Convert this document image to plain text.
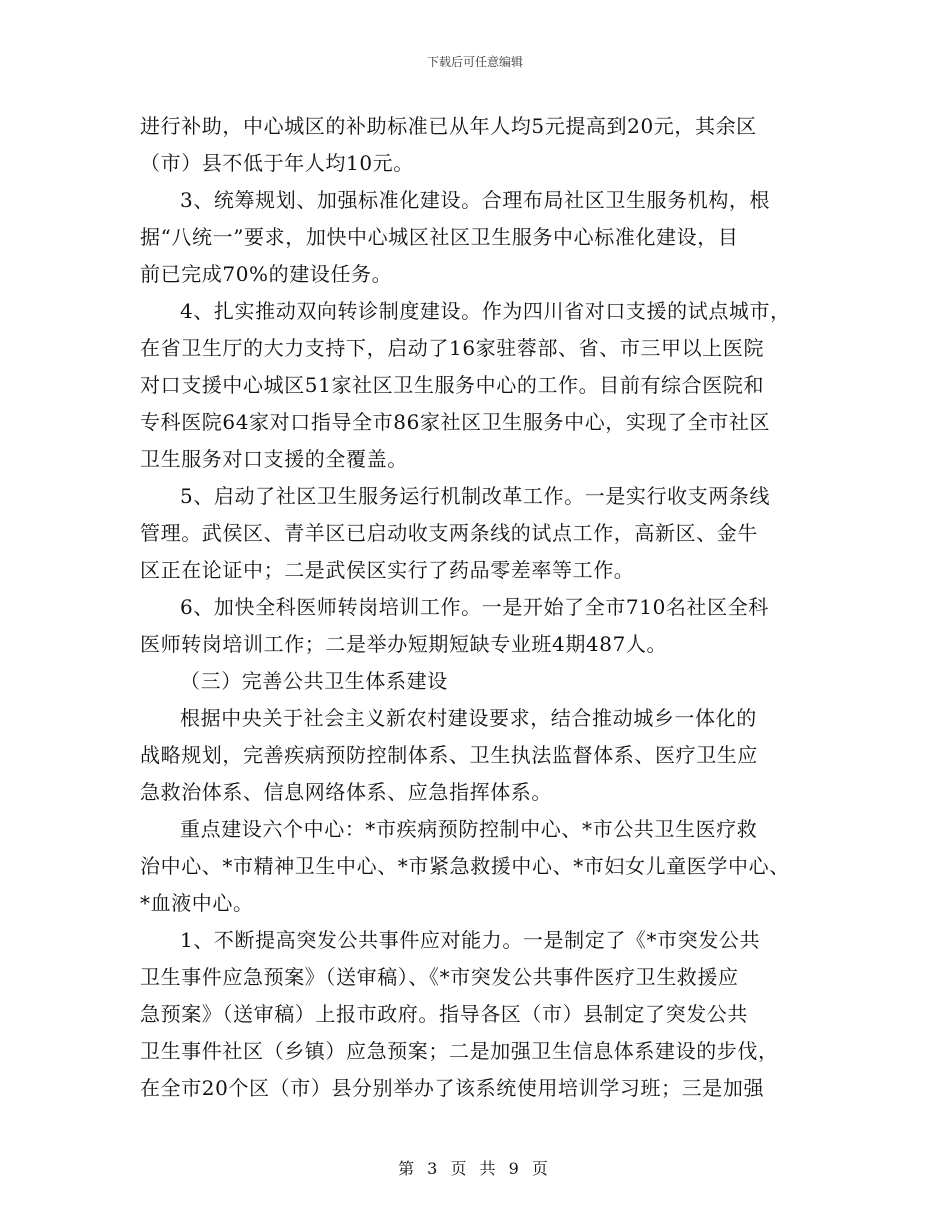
下载后可任意编辑
进行补助，中心城区的补助标准已从年人均5元提高到20元，其余区
（市）县不低于年人均10元。
3、统筹规划、加强标准化建设。合理布局社区卫生服务机构，根
据“八统一”要求，加快中心城区社区卫生服务中心标准化建设，目
前已完成70%的建设任务。
4、扎实推动双向转诊制度建设。作为四川省对口支援的试点城市，
在省卫生厅的大力支持下，启动了16家驻蓉部、省、市三甲以上医院
对口支援中心城区51家社区卫生服务中心的工作。目前有综合医院和
专科医院64家对口指导全市86家社区卫生服务中心，实现了全市社区
卫生服务对口支援的全覆盖。
5、启动了社区卫生服务运行机制改革工作。一是实行收支两条线
管理。武侯区、青羊区已启动收支两条线的试点工作，高新区、金牛
区正在论证中；二是武侯区实行了药品零差率等工作。
6、加快全科医师转岗培训工作。一是开始了全市710名社区全科
医师转岗培训工作；二是举办短期短缺专业班4期487人。
（三）完善公共卫生体系建设
根据中央关于社会主义新农村建设要求，结合推动城乡一体化的
战略规划，完善疾病预防控制体系、卫生执法监督体系、医疗卫生应
急救治体系、信息网络体系、应急指挥体系。
重点建设六个中心：*市疾病预防控制中心、*市公共卫生医疗救
治中心、*市精神卫生中心、*市紧急救援中心、*市妇女儿童医学中心、
*血液中心。
1、不断提高突发公共事件应对能力。一是制定了《*市突发公共
卫生事件应急预案》（送审稿）、《*市突发公共事件医疗卫生救援应
急预案》（送审稿）上报市政府。指导各区（市）县制定了突发公共
卫生事件社区（乡镇）应急预案；二是加强卫生信息体系建设的步伐，
在全市20个区（市）县分别举办了该系统使用培训学习班；三是加强
第 3 页 共 9 页
